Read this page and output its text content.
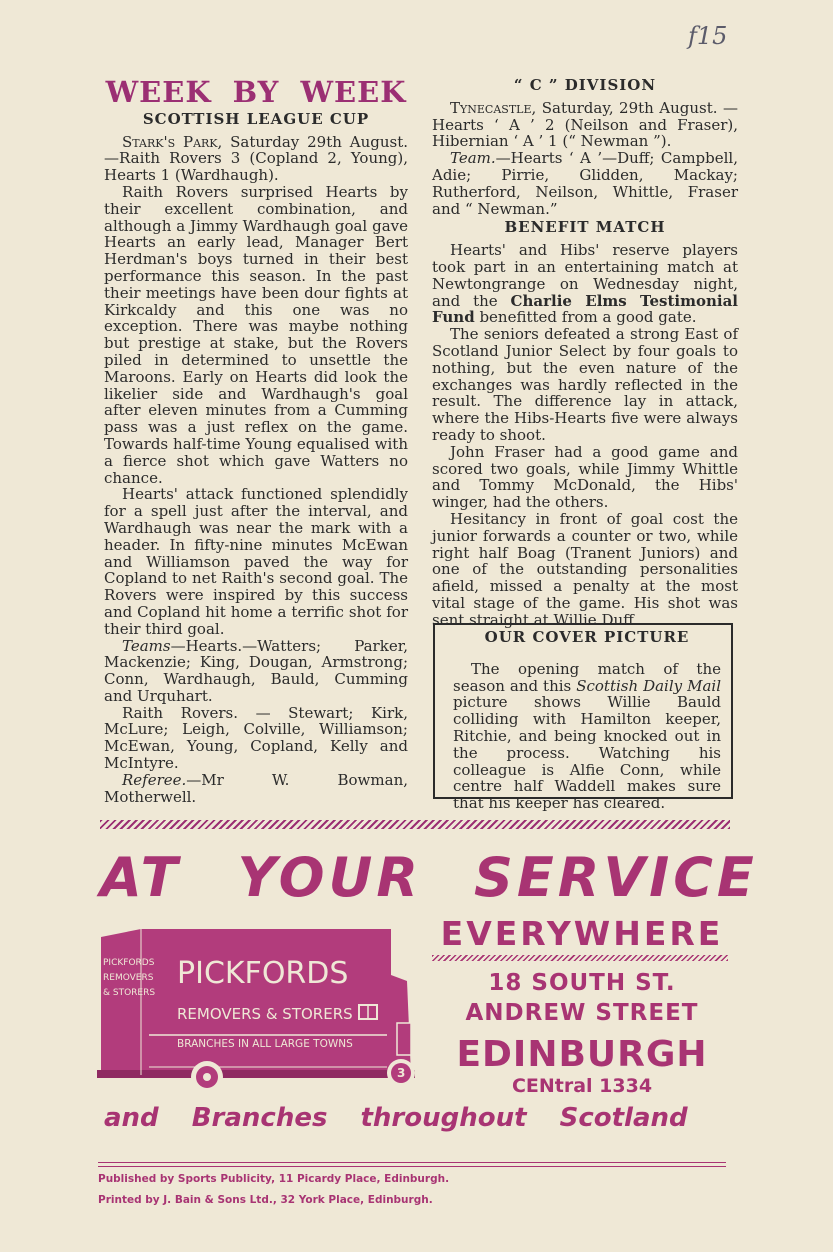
f15
WEEK BY WEEK
SCOTTISH LEAGUE CUP

Stark's Park, Saturday 29th August. —Raith Rovers 3 (Copland 2, Young), Hearts 1 (Wardhaugh).

Raith Rovers surprised Hearts by their excellent combination, and although a Jimmy Wardhaugh goal gave Hearts an early lead, Manager Bert Herdman's boys turned in their best performance this season. In the past their meetings have been dour fights at Kirkcaldy and this one was no exception. There was maybe nothing but prestige at stake, but the Rovers piled in determined to unsettle the Maroons. Early on Hearts did look the likelier side and Wardhaugh's goal after eleven minutes from a Cumming pass was a just reflex on the game. Towards half-time Young equalised with a fierce shot which gave Watters no chance.

Hearts' attack functioned splendidly for a spell just after the interval, and Wardhaugh was near the mark with a header. In fifty-nine minutes McEwan and Williamson paved the way for Copland to net Raith's second goal. The Rovers were inspired by this success and Copland hit home a terrific shot for their third goal.

Teams—Hearts.—Watters; Parker, Mackenzie; King, Dougan, Armstrong; Conn, Wardhaugh, Bauld, Cumming and Urquhart.

Raith Rovers. — Stewart; Kirk, McLure; Leigh, Colville, Williamson; McEwan, Young, Copland, Kelly and McIntyre.

Referee.—Mr W. Bowman, Motherwell.

“ C ” DIVISION

Tynecastle, Saturday, 29th August. —Hearts ‘ A ’ 2 (Neilson and Fraser), Hibernian ‘ A ’ 1 (“ Newman ”).

Team.—Hearts ‘ A ’—Duff; Campbell, Adie; Pirrie, Glidden, Mackay; Rutherford, Neilson, Whittle, Fraser and “ Newman.”

BENEFIT MATCH

Hearts' and Hibs' reserve players took part in an entertaining match at Newtongrange on Wednesday night, and the Charlie Elms Testimonial Fund benefitted from a good gate.

The seniors defeated a strong East of Scotland Junior Select by four goals to nothing, but the even nature of the exchanges was hardly reflected in the result. The difference lay in attack, where the Hibs-Hearts five were always ready to shoot.

John Fraser had a good game and scored two goals, while Jimmy Whittle and Tommy McDonald, the Hibs' winger, had the others.

Hesitancy in front of goal cost the junior forwards a counter or two, while right half Boag (Tranent Juniors) and one of the outstanding personalities afield, missed a penalty at the most vital stage of the game. His shot was sent straight at Willie Duff.

OUR COVER PICTURE

The opening match of the season and this Scottish Daily Mail picture shows Willie Bauld colliding with Hamilton keeper, Ritchie, and being knocked out in the process. Watching his colleague is Alfie Conn, while centre half Waddell makes sure that his keeper has cleared.

AT YOUR SERVICE
3
PICKFORDS
REMOVERS
& STORERS
PICKFORDS
REMOVERS & STORERS
BRANCHES IN ALL LARGE TOWNS
EVERYWHERE
18 SOUTH ST.
ANDREW STREET
EDINBURGH
CENtral 1334
and Branches throughout Scotland
Published by Sports Publicity, 11 Picardy Place, Edinburgh.
Printed by J. Bain & Sons Ltd., 32 York Place, Edinburgh.
